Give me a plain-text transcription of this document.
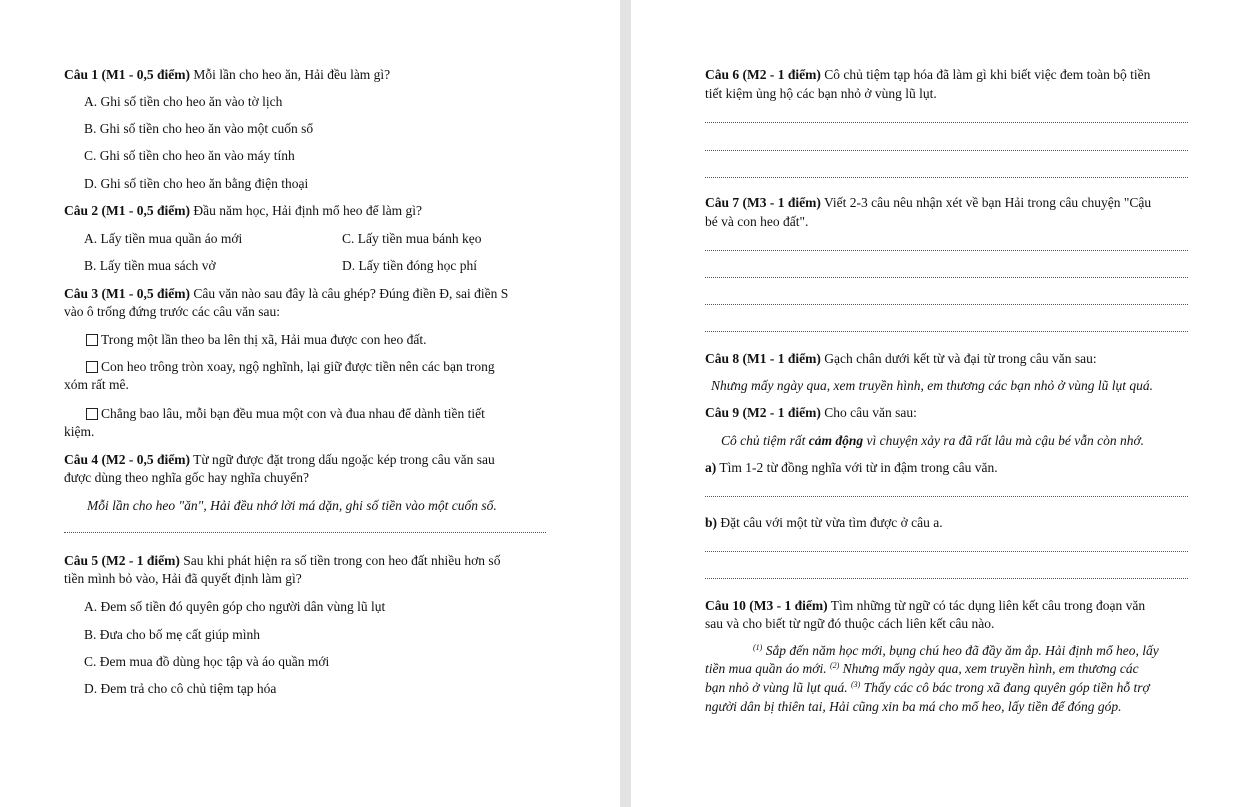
Câu 1 (M1 - 0,5 điểm) Mỗi lần cho heo ăn, Hải đều làm gì?
A. Ghi số tiền cho heo ăn vào tờ lịch
B. Ghi số tiền cho heo ăn vào một cuốn sổ
C. Ghi số tiền cho heo ăn vào máy tính
D. Ghi số tiền cho heo ăn bằng điện thoại
Câu 2 (M1 - 0,5 điểm) Đầu năm học, Hải định mổ heo để làm gì?
A. Lấy tiền mua quần áo mới	C. Lấy tiền mua bánh kẹo
B. Lấy tiền mua sách vở	D. Lấy tiền đóng học phí
Câu 3 (M1 - 0,5 điểm) Câu văn nào sau đây là câu ghép? Đúng điền Đ, sai điền S
vào ô trống đứng trước các câu văn sau:
Trong một lần theo ba lên thị xã, Hải mua được con heo đất.
Con heo trông tròn xoay, ngộ nghĩnh, lại giữ được tiền nên các bạn trong
xóm rất mê.
Chẳng bao lâu, mỗi bạn đều mua một con và đua nhau để dành tiền tiết
kiệm.
Câu 4 (M2 - 0,5 điểm) Từ ngữ được đặt trong dấu ngoặc kép trong câu văn sau
được dùng theo nghĩa gốc hay nghĩa chuyển?
Mỗi lần cho heo "ăn", Hải đều nhớ lời má dặn, ghi số tiền vào một cuốn sổ.
Câu 5 (M2 - 1 điểm) Sau khi phát hiện ra số tiền trong con heo đất nhiều hơn số
tiền mình bỏ vào, Hải đã quyết định làm gì?
A. Đem số tiền đó quyên góp cho người dân vùng lũ lụt
B. Đưa cho bố mẹ cất giúp mình
C. Đem mua đồ dùng học tập và áo quần mới
D. Đem trả cho cô chủ tiệm tạp hóa
Câu 6 (M2 - 1 điểm) Cô chủ tiệm tạp hóa đã làm gì khi biết việc đem toàn bộ tiền
tiết kiệm ủng hộ các bạn nhỏ ở vùng lũ lụt.
Câu 7 (M3 - 1 điểm) Viết 2-3 câu nêu nhận xét về bạn Hải trong câu chuyện "Cậu
bé và con heo đất".
Câu 8 (M1 - 1 điểm) Gạch chân dưới kết từ và đại từ trong câu văn sau:
Nhưng mấy ngày qua, xem truyền hình, em thương các bạn nhỏ ở vùng lũ lụt quá.
Câu 9 (M2 - 1 điểm) Cho câu văn sau:
Cô chủ tiệm rất cảm động vì chuyện xảy ra đã rất lâu mà cậu bé vẫn còn nhớ.
a) Tìm 1-2 từ đồng nghĩa với từ in đậm trong câu văn.
b) Đặt câu với một từ vừa tìm được ở câu a.
Câu 10 (M3 - 1 điểm) Tìm những từ ngữ có tác dụng liên kết câu trong đoạn văn
sau và cho biết từ ngữ đó thuộc cách liên kết câu nào.
$^{(1)}$ Sắp đến năm học mới, bụng chú heo đã đầy ăm ắp. Hải định mổ heo, lấy
tiền mua quần áo mới. $^{(2)}$ Nhưng mấy ngày qua, xem truyền hình, em thương các
bạn nhỏ ở vùng lũ lụt quá. $^{(3)}$ Thấy các cô bác trong xã đang quyên góp tiền hỗ trợ
người dân bị thiên tai, Hải cũng xin ba má cho mổ heo, lấy tiền để đóng góp.
